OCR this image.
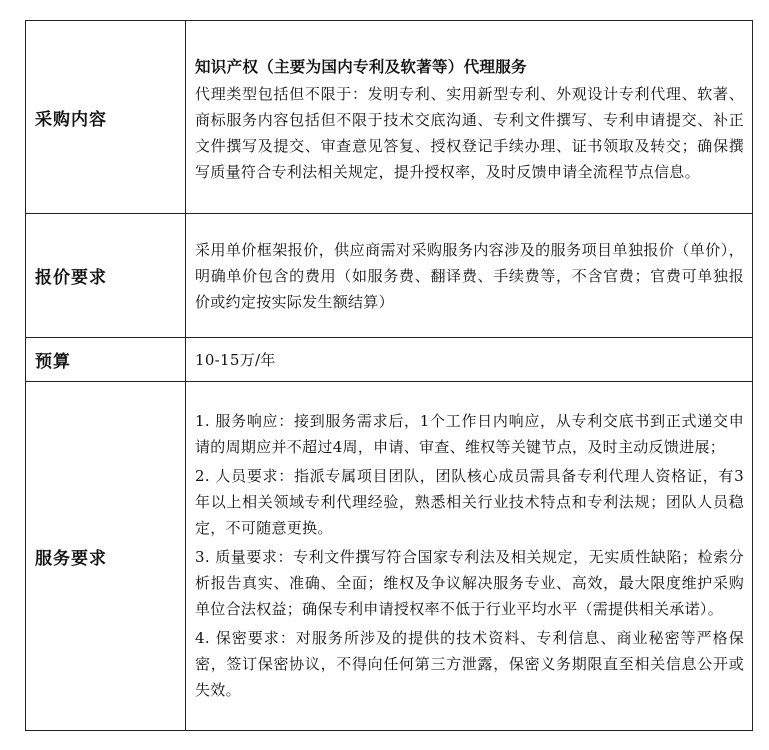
采购内容	知识产权（主要为国内专利及软著等）代理服务

代理类型包括但不限于：发明专利、实用新型专利、外观设计专利代理、软著、商标服务内容包括但不限于技术交底沟通、专利文件撰写、专利申请提交、补正文件撰写及提交、审查意见答复、授权登记手续办理、证书领取及转交；确保撰写质量符合专利法相关规定，提升授权率，及时反馈申请全流程节点信息。

报价要求	采用单价框架报价，供应商需对采购服务内容涉及的服务项目单独报价（单价），明确单价包含的费用（如服务费、翻译费、手续费等，不含官费；官费可单独报价或约定按实际发生额结算）

预算	10-15万/年

服务要求	1. 服务响应：接到服务需求后，1个工作日内响应，从专利交底书到正式递交申请的周期应并不超过4周，申请、审查、维权等关键节点，及时主动反馈进展；

2. 人员要求：指派专属项目团队，团队核心成员需具备专利代理人资格证，有3年以上相关领域专利代理经验，熟悉相关行业技术特点和专利法规；团队人员稳定，不可随意更换。

3. 质量要求：专利文件撰写符合国家专利法及相关规定，无实质性缺陷；检索分析报告真实、准确、全面；维权及争议解决服务专业、高效，最大限度维护采购单位合法权益；确保专利申请授权率不低于行业平均水平（需提供相关承诺）。

4. 保密要求：对服务所涉及的提供的技术资料、专利信息、商业秘密等严格保密，签订保密协议，不得向任何第三方泄露，保密义务期限直至相关信息公开或失效。
